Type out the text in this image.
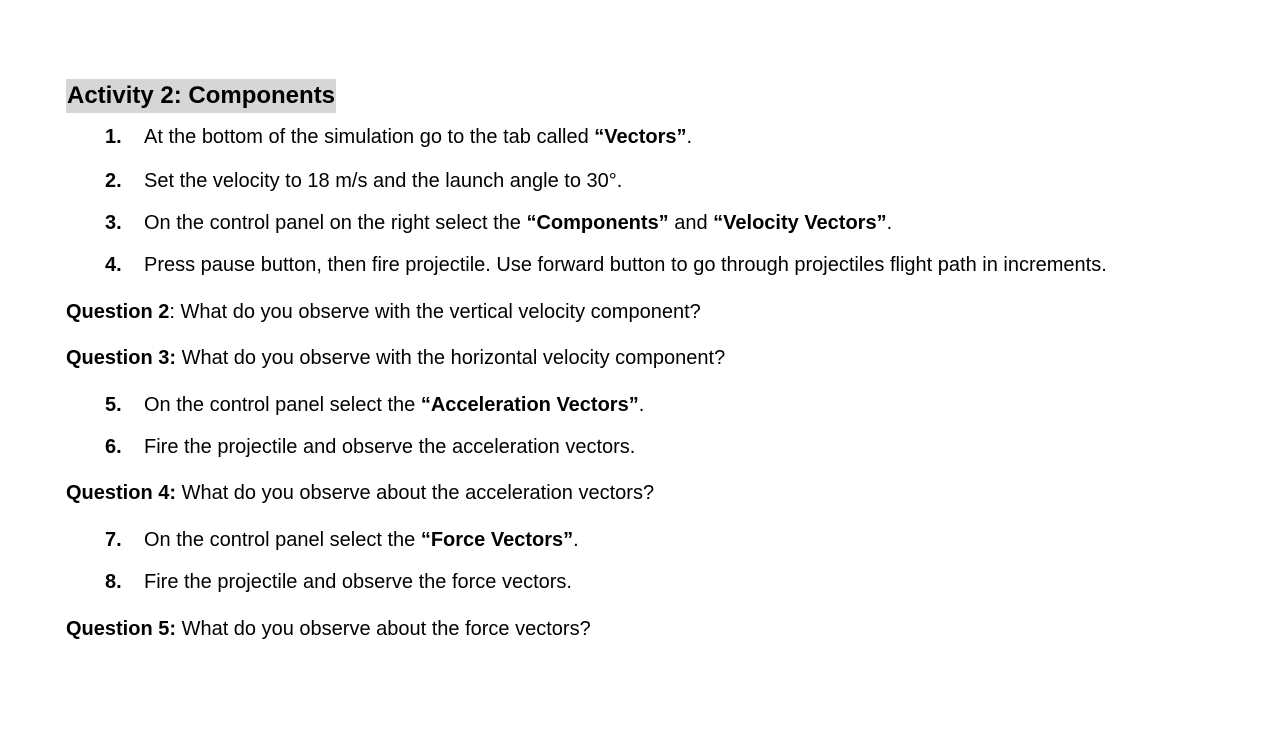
Activity 2: Components
1. At the bottom of the simulation go to the tab called “Vectors”.
2. Set the velocity to 18 m/s and the launch angle to 30°.
3. On the control panel on the right select the “Components” and “Velocity Vectors”.
4. Press pause button, then fire projectile. Use forward button to go through projectiles flight path in increments.
Question 2: What do you observe with the vertical velocity component?
Question 3: What do you observe with the horizontal velocity component?
5. On the control panel select the “Acceleration Vectors”.
6. Fire the projectile and observe the acceleration vectors.
Question 4: What do you observe about the acceleration vectors?
7. On the control panel select the “Force Vectors”.
8. Fire the projectile and observe the force vectors.
Question 5: What do you observe about the force vectors?
